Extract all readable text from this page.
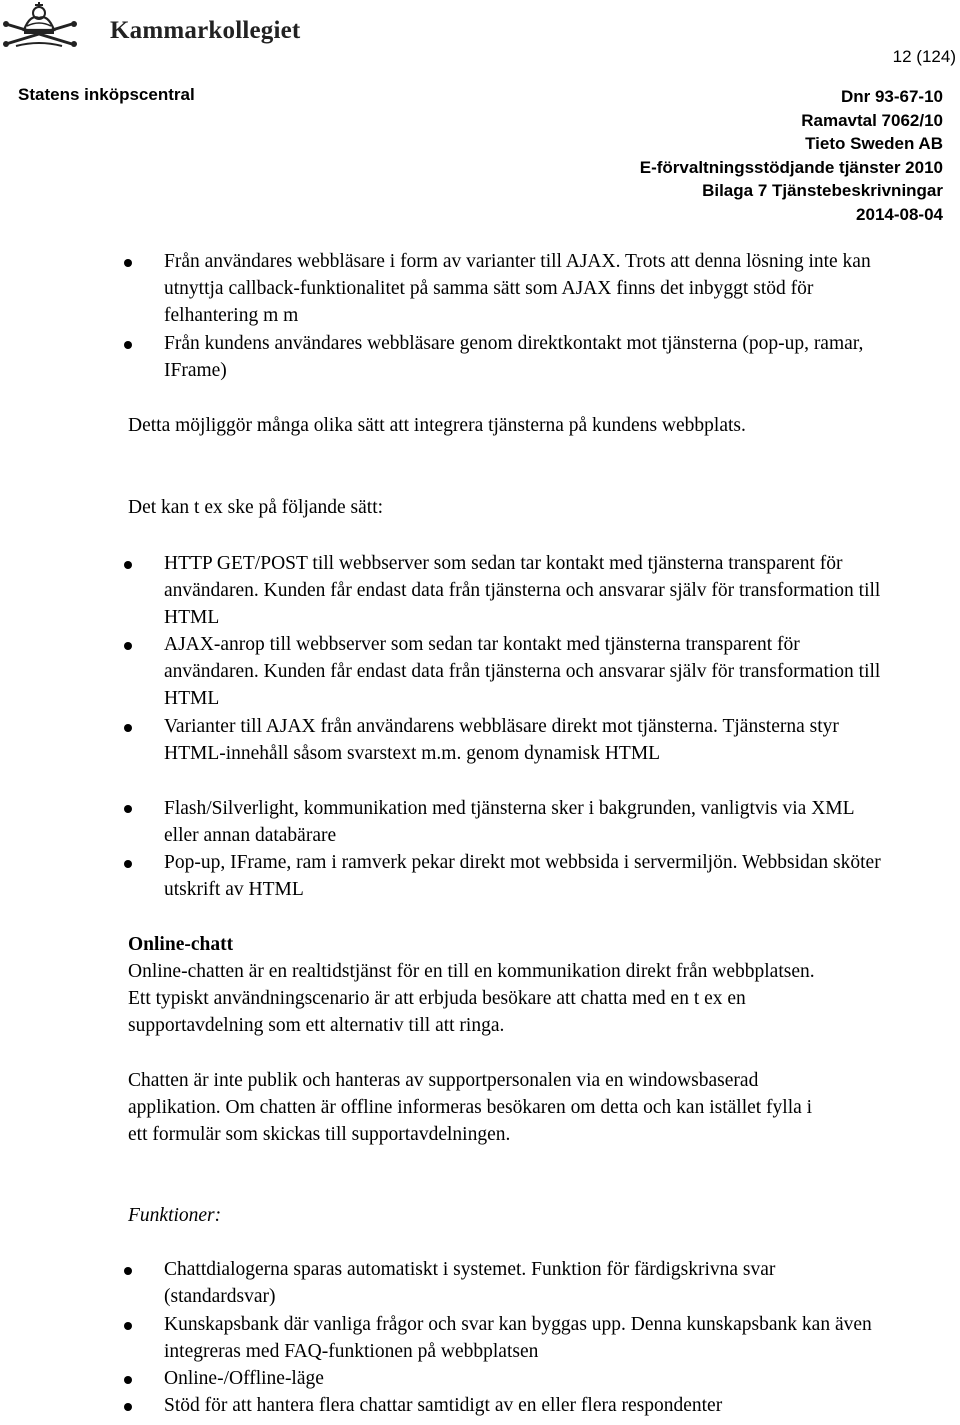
Kammarkollegiet
12 (124)
Statens inköpscentral	Dnr 93-67-10
Ramavtal 7062/10
Tieto Sweden AB
E-förvaltningsstödjande tjänster 2010
Bilaga 7 Tjänstebeskrivningar
2014-08-04
Från användares webbläsare i form av varianter till AJAX. Trots att denna lösning inte kan utnyttja callback-funktionalitet på samma sätt som AJAX finns det inbyggt stöd för felhantering m m
Från kundens användares webbläsare genom direktkontakt mot tjänsterna (pop-up, ramar, IFrame)
Detta möjliggör många olika sätt att integrera tjänsterna på kundens webbplats.
Det kan t ex ske på följande sätt:
HTTP GET/POST till webbserver som sedan tar kontakt med tjänsterna transparent för användaren. Kunden får endast data från tjänsterna och ansvarar själv för transformation till HTML
AJAX-anrop till webbserver som sedan tar kontakt med tjänsterna transparent för användaren. Kunden får endast data från tjänsterna och ansvarar själv för transformation till HTML
Varianter till AJAX från användarens webbläsare direkt mot tjänsterna. Tjänsterna styr HTML-innehåll såsom svarstext m.m. genom dynamisk HTML
Flash/Silverlight, kommunikation med tjänsterna sker i bakgrunden, vanligtvis via XML eller annan databärare
Pop-up, IFrame, ram i ramverk pekar direkt mot webbsida i servermiljön. Webbsidan sköter utskrift av HTML
Online-chatt
Online-chatten är en realtidstjänst för en till en kommunikation direkt från webbplatsen. Ett typiskt användningscenario är att erbjuda besökare att chatta med en t ex en supportavdelning som ett alternativ till att ringa.
Chatten är inte publik och hanteras av supportpersonalen via en windowsbaserad applikation. Om chatten är offline informeras besökaren om detta och kan istället fylla i ett formulär som skickas till supportavdelningen.
Funktioner:
Chattdialogerna sparas automatiskt i systemet. Funktion för färdigskrivna svar (standardsvar)
Kunskapsbank där vanliga frågor och svar kan byggas upp. Denna kunskapsbank kan även integreras med FAQ-funktionen på webbplatsen
Online-/Offline-läge
Stöd för att hantera flera chattar samtidigt av en eller flera respondenter
